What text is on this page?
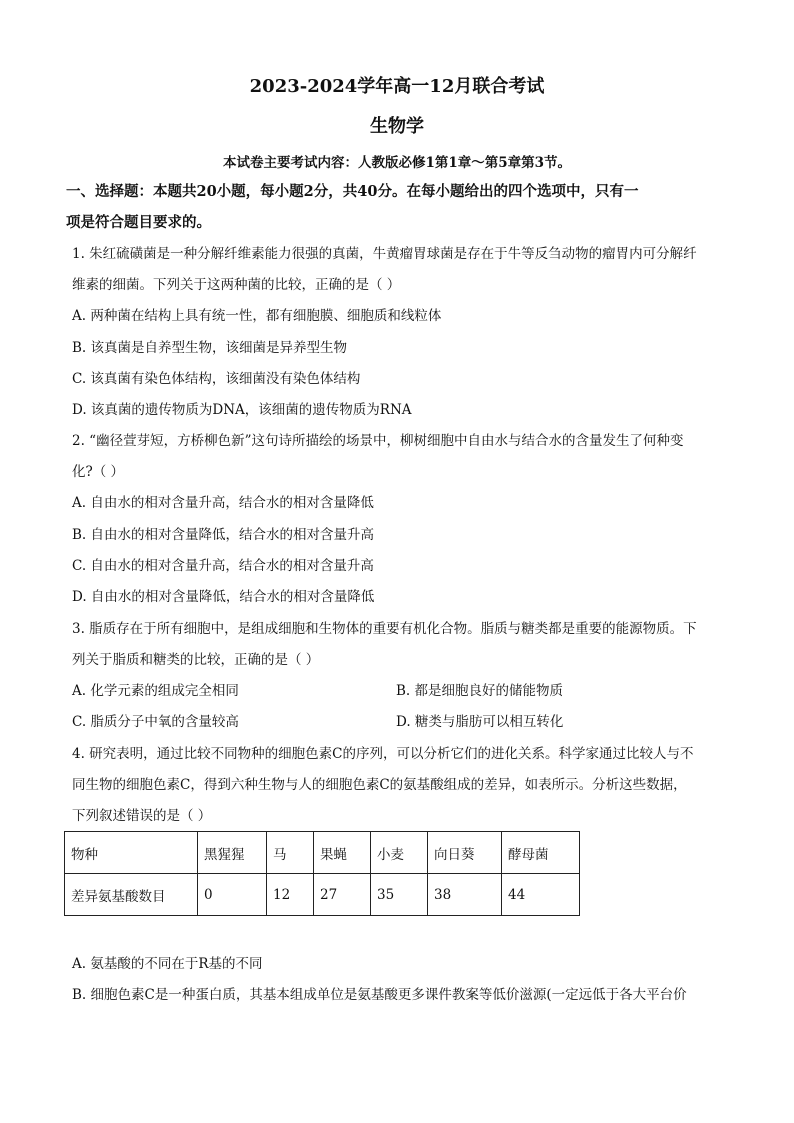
2023-2024学年高一12月联合考试
生物学
本试卷主要考试内容：人教版必修1第1章～第5章第3节。
一、选择题：本题共20小题，每小题2分，共40分。在每小题给出的四个选项中，只有一
项是符合题目要求的。
1. 朱红硫磺菌是一种分解纤维素能力很强的真菌，牛黄瘤胃球菌是存在于牛等反刍动物的瘤胃内可分解纤
维素的细菌。下列关于这两种菌的比较，正确的是（ ）
A. 两种菌在结构上具有统一性，都有细胞膜、细胞质和线粒体
B. 该真菌是自养型生物，该细菌是异养型生物
C. 该真菌有染色体结构，该细菌没有染色体结构
D. 该真菌的遗传物质为DNA，该细菌的遗传物质为RNA
2. “幽径萱芽短，方桥柳色新”这句诗所描绘的场景中，柳树细胞中自由水与结合水的含量发生了何种变
化?（ ）
A. 自由水的相对含量升高，结合水的相对含量降低
B. 自由水的相对含量降低，结合水的相对含量升高
C. 自由水的相对含量升高，结合水的相对含量升高
D. 自由水的相对含量降低，结合水的相对含量降低
3. 脂质存在于所有细胞中，是组成细胞和生物体的重要有机化合物。脂质与糖类都是重要的能源物质。下
列关于脂质和糖类的比较，正确的是（ ）
A. 化学元素的组成完全相同	B. 都是细胞良好的储能物质
C. 脂质分子中氧的含量较高	D. 糖类与脂肪可以相互转化
4. 研究表明，通过比较不同物种的细胞色素C的序列，可以分析它们的进化关系。科学家通过比较人与不
同生物的细胞色素C，得到六种生物与人的细胞色素C的氨基酸组成的差异，如表所示。分析这些数据，
下列叙述错误的是（ ）
物种	黑猩猩	马	果蝇	小麦	向日葵	酵母菌
差异氨基酸数目	0	12	27	35	38	44
A. 氨基酸的不同在于R基的不同
B. 细胞色素C是一种蛋白质，其基本组成单位是氨基酸更多课件教案等低价滋源(一定远低于各大平台价
